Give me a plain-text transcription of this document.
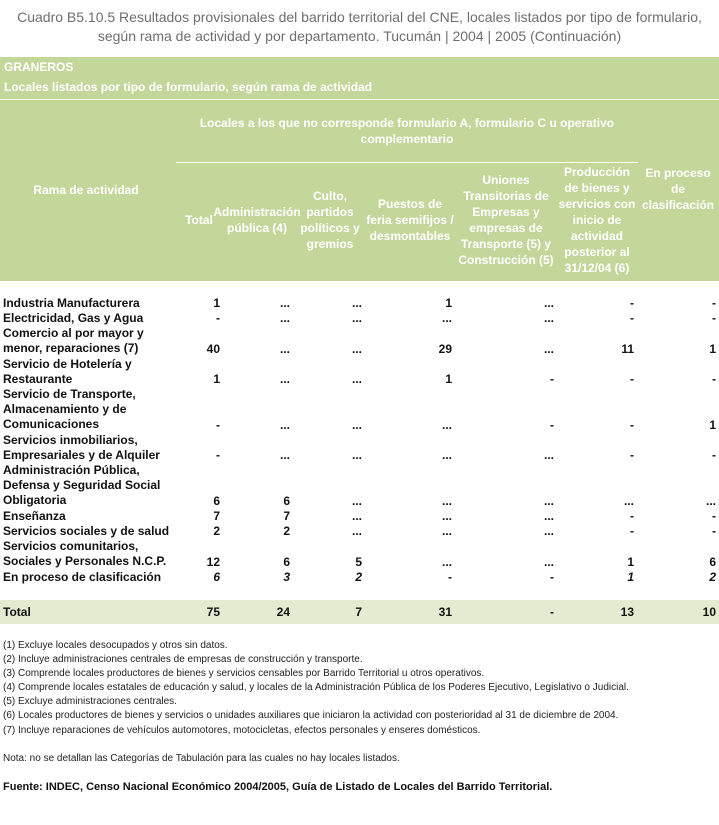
Cuadro B5.10.5 Resultados provisionales del barrido territorial del CNE, locales listados por tipo de formulario,
según rama de actividad y por departamento. Tucumán | 2004 | 2005 (Continuación)
GRANEROS
Locales listados por tipo de formulario, según rama de actividad
Rama de actividad
Locales a los que no corresponde formulario A, formulario C u operativo complementario
Total
Administración pública (4)
Culto, partidos políticos y gremios
Puestos de feria semifijos / desmontables
Uniones Transitorias de Empresas y empresas de Transporte (5) y Construcción (5)
Producción de bienes y servicios con inicio de actividad posterior al 31/12/04 (6)
En proceso de clasificación
Industria Manufacturera	1	...	...	1	...	-	-
Electricidad, Gas y Agua	-	...	...	...	...	-	-
Comercio al por mayor y menor, reparaciones (7)	40	...	...	29	...	11	1
Servicio de Hotelería y Restaurante	1	...	...	1	-	-	-
Servicio de Transporte, Almacenamiento y de Comunicaciones	-	...	...	...	-	-	1
Servicios inmobiliarios, Empresariales y de Alquiler	-	...	...	...	...	-	-
Administración Pública, Defensa y Seguridad Social Obligatoria	6	6	...	...	...	...	...
Enseñanza	7	7	...	...	...	-	-
Servicios sociales y de salud	2	2	...	...	...	-	-
Servicios comunitarios, Sociales y Personales N.C.P.	12	6	5	...	...	1	6
En proceso de clasificación	6	3	2	-	-	1	2
Total	75	24	7	31	-	13	10
(1) Excluye locales desocupados y otros sin datos.
(2) Incluye administraciones centrales de empresas de construcción y transporte.
(3) Comprende locales productores de bienes y servicios censables por Barrido Territorial u otros operativos.
(4) Comprende locales estatales de educación y salud, y locales de la Administración Pública de los Poderes Ejecutivo, Legislativo o Judicial.
(5) Excluye administraciones centrales.
(6) Locales productores de bienes y servicios o unidades auxiliares que iniciaron la actividad con posterioridad al 31 de diciembre de 2004.
(7) Incluye reparaciones de vehículos automotores, motocicletas, efectos personales y enseres domésticos.
Nota: no se detallan las Categorías de Tabulación para las cuales no hay locales listados.
Fuente: INDEC, Censo Nacional Económico 2004/2005, Guía de Listado de Locales del Barrido Territorial.
